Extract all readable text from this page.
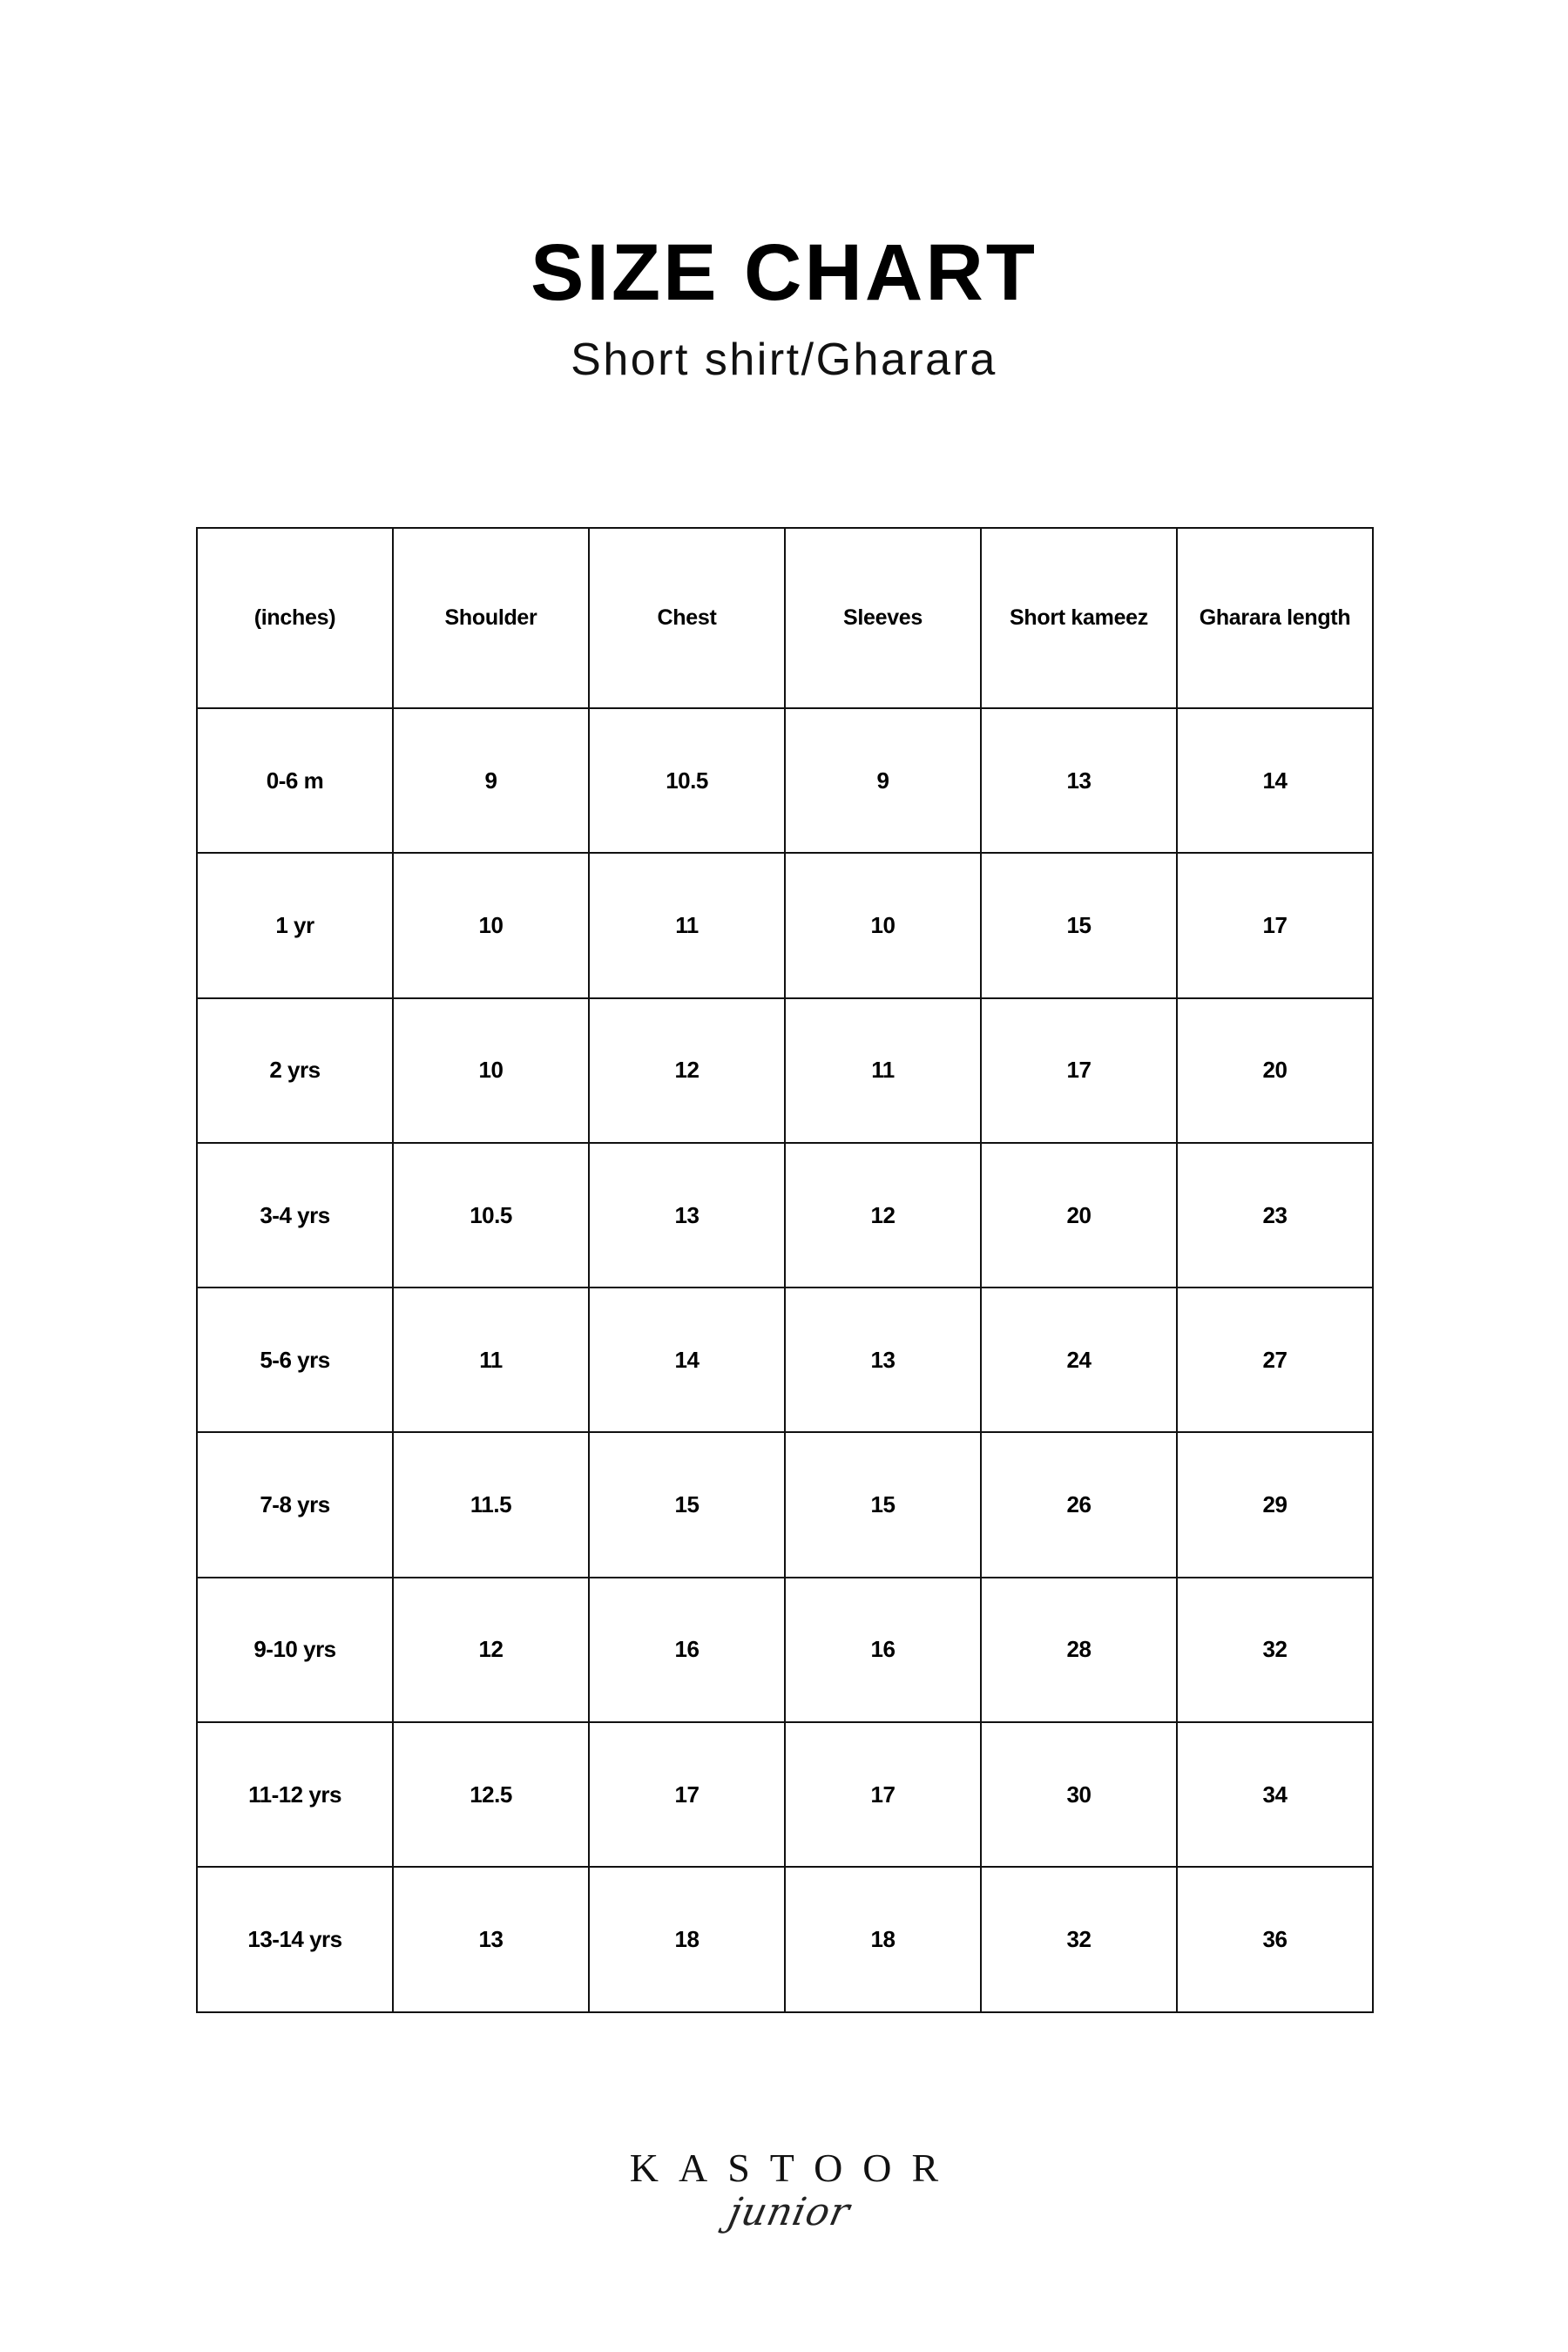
SIZE CHART
Short shirt/Gharara
(inches)	Shoulder	Chest	Sleeves	Short kameez	Gharara length
0-6 m	9	10.5	9	13	14
1 yr	10	11	10	15	17
2 yrs	10	12	11	17	20
3-4 yrs	10.5	13	12	20	23
5-6 yrs	11	14	13	24	27
7-8 yrs	11.5	15	15	26	29
9-10 yrs	12	16	16	28	32
11-12 yrs	12.5	17	17	30	34
13-14 yrs	13	18	18	32	36
KASTOOR
junior
